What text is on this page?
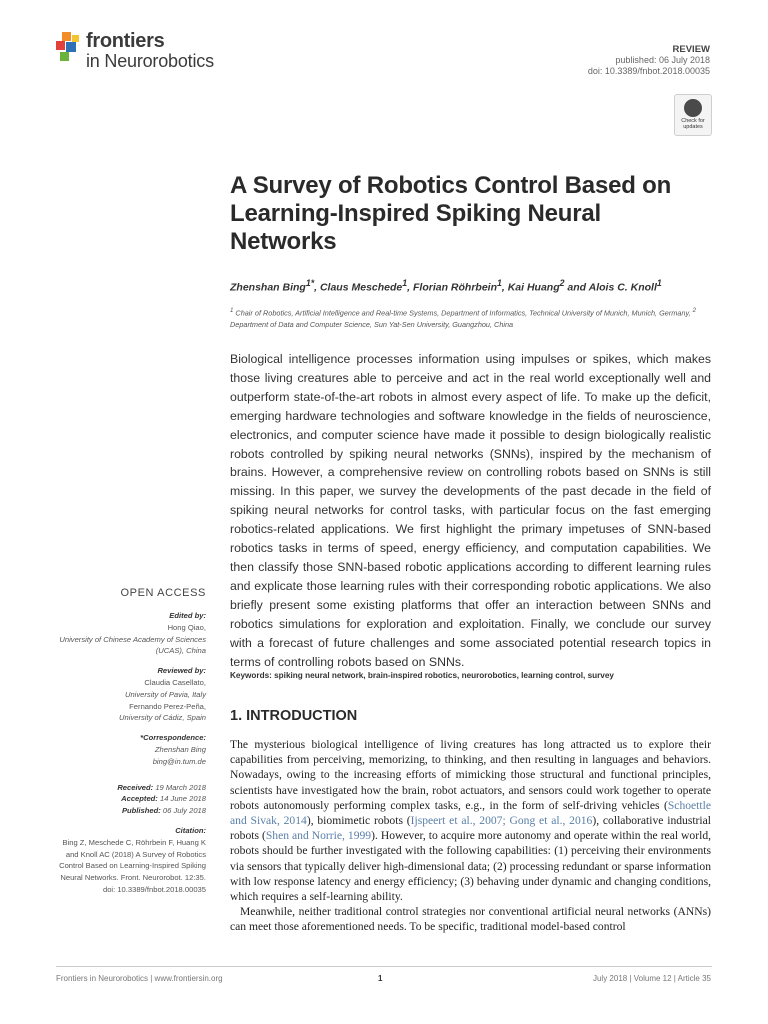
frontiers
in Neurorobotics
REVIEW
published: 06 July 2018
doi: 10.3389/fnbot.2018.00035
Check for updates
A Survey of Robotics Control Based on Learning-Inspired Spiking Neural Networks
Zhenshan Bing$^{1*}$, Claus Meschede$^1$, Florian Röhrbein$^1$, Kai Huang$^2$ and Alois C. Knoll$^1$
$^1$ Chair of Robotics, Artificial Intelligence and Real-time Systems, Department of Informatics, Technical University of Munich, Munich, Germany, $^2$ Department of Data and Computer Science, Sun Yat-Sen University, Guangzhou, China
Biological intelligence processes information using impulses or spikes, which makes those living creatures able to perceive and act in the real world exceptionally well and outperform state-of-the-art robots in almost every aspect of life. To make up the deficit, emerging hardware technologies and software knowledge in the fields of neuroscience, electronics, and computer science have made it possible to design biologically realistic robots controlled by spiking neural networks (SNNs), inspired by the mechanism of brains. However, a comprehensive review on controlling robots based on SNNs is still missing. In this paper, we survey the developments of the past decade in the field of spiking neural networks for control tasks, with particular focus on the fast emerging robotics-related applications. We first highlight the primary impetuses of SNN-based robotics tasks in terms of speed, energy efficiency, and computation capabilities. We then classify those SNN-based robotic applications according to different learning rules and explicate those learning rules with their corresponding robotic applications. We also briefly present some existing platforms that offer an interaction between SNNs and robotics simulations for exploration and exploitation. Finally, we conclude our survey with a forecast of future challenges and some associated potential research topics in terms of controlling robots based on SNNs.
Keywords: spiking neural network, brain-inspired robotics, neurorobotics, learning control, survey
1. INTRODUCTION

The mysterious biological intelligence of living creatures has long attracted us to explore their capabilities from perceiving, memorizing, to thinking, and then resulting in languages and behaviors. Nowadays, owing to the increasing efforts of mimicking those structural and functional principles, scientists have investigated how the brain, robot actuators, and sensors could work together to operate robots autonomously performing complex tasks, e.g., in the form of self-driving vehicles (Schoettle and Sivak, 2014), biomimetic robots (Ijspeert et al., 2007; Gong et al., 2016), collaborative industrial robots (Shen and Norrie, 1999). However, to acquire more autonomy and operate within the real world, robots should be further investigated with the following capabilities: (1) perceiving their environments via sensors that typically deliver high-dimensional data; (2) processing redundant or sparse information with low response latency and energy efficiency; (3) behaving under dynamic and changing conditions, which requires a self-learning ability.

Meanwhile, neither traditional control strategies nor conventional artificial neural networks (ANNs) can meet those aforementioned needs. To be specific, traditional model-based control

OPEN ACCESS
Edited by:
Hong Qiao,
University of Chinese Academy of Sciences (UCAS), China
Reviewed by:
Claudia Casellato,
University of Pavia, Italy
Fernando Perez-Peña,
University of Cádiz, Spain
*Correspondence:
Zhenshan Bing
bing@in.tum.de
Received: 19 March 2018
Accepted: 14 June 2018
Published: 06 July 2018
Citation:
Bing Z, Meschede C, Röhrbein F, Huang K and Knoll AC (2018) A Survey of Robotics Control Based on Learning-Inspired Spiking Neural Networks. Front. Neurorobot. 12:35. doi: 10.3389/fnbot.2018.00035
Frontiers in Neurorobotics | www.frontiersin.org	1	July 2018 | Volume 12 | Article 35
